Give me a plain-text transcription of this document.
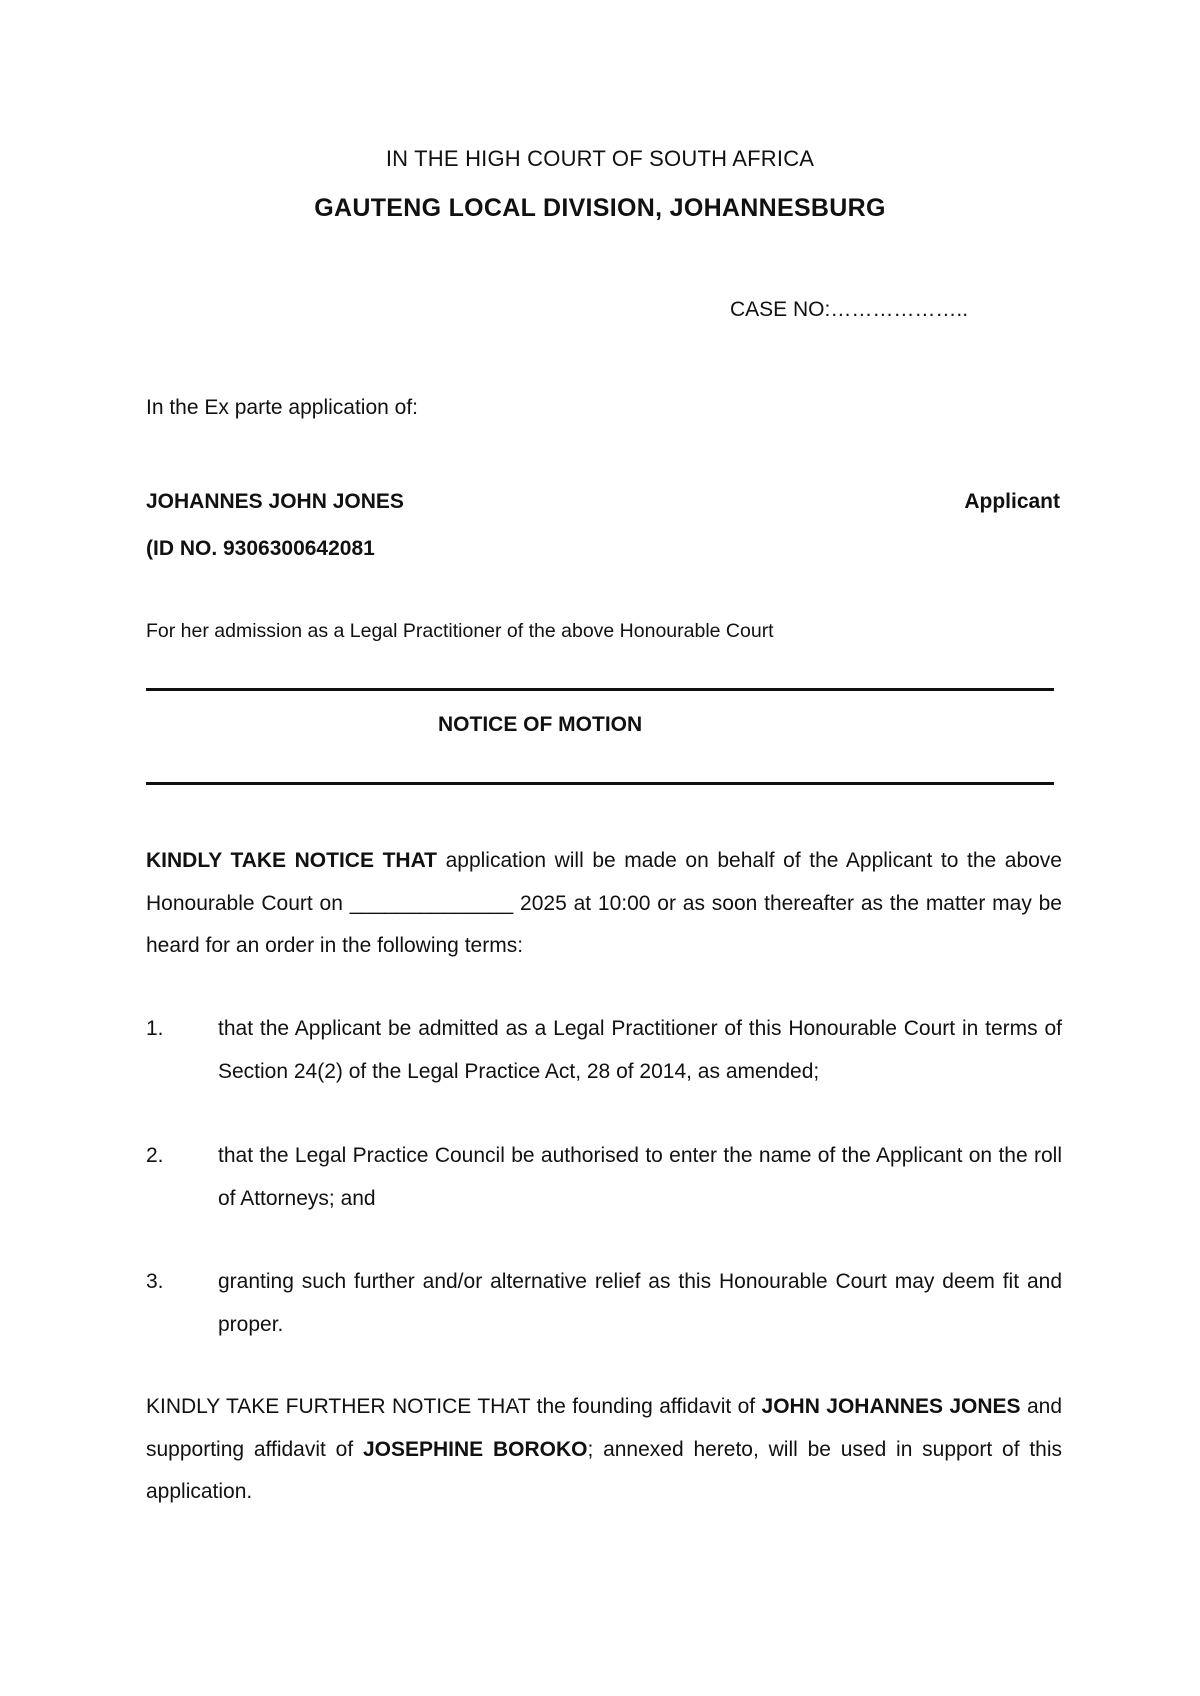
IN THE HIGH COURT OF SOUTH AFRICA
GAUTENG LOCAL DIVISION, JOHANNESBURG
CASE NO:………………..
In the Ex parte application of:
JOHANNES JOHN JONES	Applicant
(ID NO. 9306300642081
For her admission as a Legal Practitioner of the above Honourable Court
NOTICE OF MOTION
KINDLY TAKE NOTICE THAT application will be made on behalf of the Applicant to the above Honourable Court on ______________ 2025 at 10:00 or as soon thereafter as the matter may be heard for an order in the following terms:
1.	that the Applicant be admitted as a Legal Practitioner of this Honourable Court in terms of Section 24(2) of the Legal Practice Act, 28 of 2014, as amended;
2.	that the Legal Practice Council be authorised to enter the name of the Applicant on the roll of Attorneys; and
3.	granting such further and/or alternative relief as this Honourable Court may deem fit and proper.
KINDLY TAKE FURTHER NOTICE THAT the founding affidavit of JOHN JOHANNES JONES and supporting affidavit of JOSEPHINE BOROKO; annexed hereto, will be used in support of this application.
